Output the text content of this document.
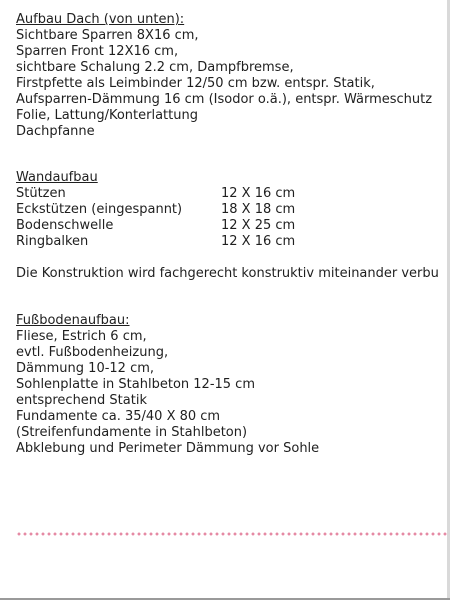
Aufbau Dach (von unten):
Sichtbare Sparren 8X16 cm,
Sparren Front 12X16 cm,
sichtbare Schalung 2.2 cm, Dampfbremse,
Firstpfette als Leimbinder 12/50 cm bzw. entspr. Statik,
Aufsparren-Dämmung 16 cm (Isodor o.ä.), entspr. Wärmeschutz
Folie, Lattung/Konterlattung
Dachpfanne
Wandaufbau
Stützen	12 X 16 cm
Eckstützen (eingespannt)	18 X 18 cm
Bodenschwelle	12 X 25 cm
Ringbalken	12 X 16 cm
Die Konstruktion wird fachgerecht konstruktiv miteinander verbu
Fußbodenaufbau:
Fliese, Estrich 6 cm,
evtl. Fußbodenheizung,
Dämmung 10-12 cm,
Sohlenplatte in Stahlbeton 12-15 cm
entsprechend Statik
Fundamente ca. 35/40 X 80 cm
(Streifenfundamente in Stahlbeton)
Abklebung und Perimeter Dämmung vor Sohle
